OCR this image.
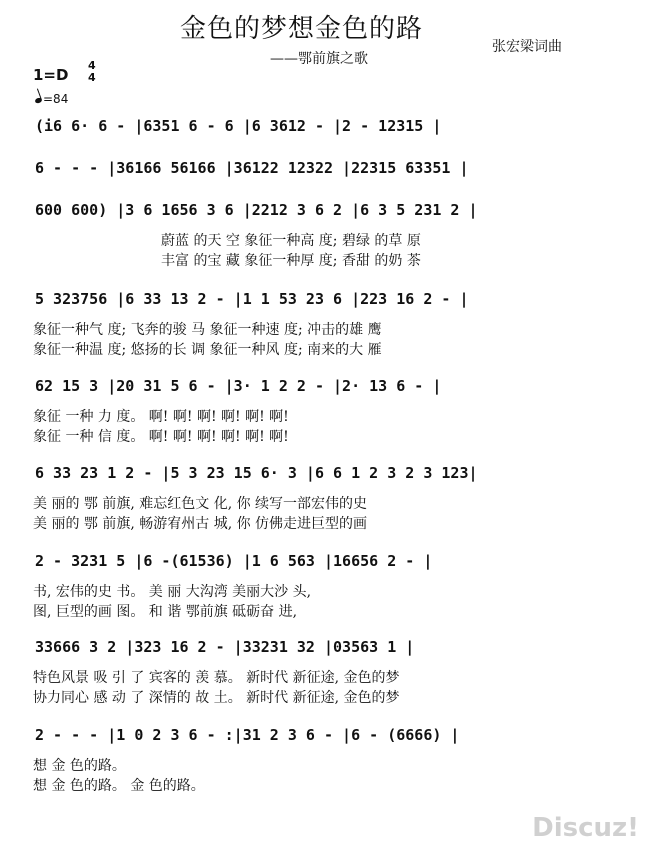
金色的梦想金色的路
——鄂前旗之歌
张宏梁词曲
1=D
4
4
=84
(i6 6· 6 - |6351 6 - 6 |6 3612 - |2 - 12315 |
6 - - - |36166 56166 |36122 12322 |22315 63351 |
600 600) |3 6 1656 3 6 |2212 3 6 2 |6 3 5 231 2 |
蔚蓝 的天 空 象征一种高 度; 碧绿 的草 原
丰富 的宝 藏 象征一种厚 度; 香甜 的奶 茶
5 323756 |6 33 13 2 - |1 1 53 23 6 |223 16 2 - |
象征一种气 度; 飞奔的骏 马 象征一种速 度; 冲击的雄 鹰
象征一种温 度; 悠扬的长 调 象征一种风 度; 南来的大 雁
62 15 3 |20 31 5 6 - |3· 1 2 2 - |2· 13 6 - |
象征 一种 力 度。 啊! 啊! 啊! 啊! 啊! 啊!
象征 一种 信 度。 啊! 啊! 啊! 啊! 啊! 啊!
6 33 23 1 2 - |5 3 23 15 6· 3 |6 6 1 2 3 2 3 123|
美 丽的 鄂 前旗, 难忘红色文 化, 你 续写一部宏伟的史
美 丽的 鄂 前旗, 畅游宥州古 城, 你 仿佛走进巨型的画
2 - 3231 5 |6 -(61536) |1 6 563 |16656 2 - |
书, 宏伟的史 书。 美 丽 大沟湾 美丽大沙 头,
图, 巨型的画 图。 和 谐 鄂前旗 砥砺奋 进,
33666 3 2 |323 16 2 - |33231 32 |03563 1 |
特色风景 吸 引 了 宾客的 羡 慕。 新时代 新征途, 金色的梦
协力同心 感 动 了 深情的 故 土。 新时代 新征途, 金色的梦
2 - - - |1 0 2 3 6 - :|31 2 3 6 - |6 - (6666) |
想 金 色的路。
想 金 色的路。 金 色的路。
Discuz!
